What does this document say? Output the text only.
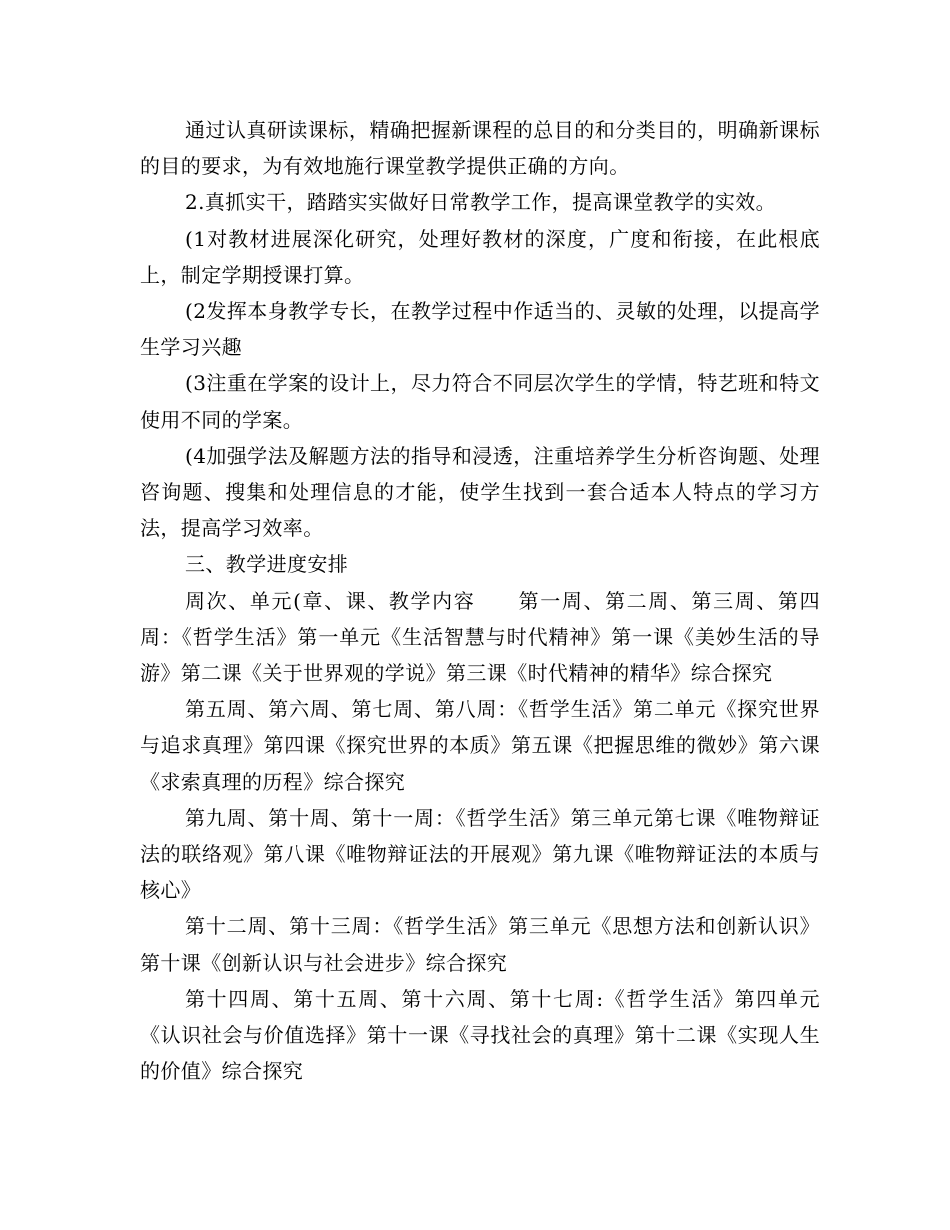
通过认真研读课标，精确把握新课程的总目的和分类目的，明确新课标的目的要求，为有效地施行课堂教学提供正确的方向。

2.真抓实干，踏踏实实做好日常教学工作，提高课堂教学的实效。

(1对教材进展深化研究，处理好教材的深度，广度和衔接，在此根底上，制定学期授课打算。

(2发挥本身教学专长，在教学过程中作适当的、灵敏的处理，以提高学生学习兴趣

(3注重在学案的设计上，尽力符合不同层次学生的学情，特艺班和特文使用不同的学案。

(4加强学法及解题方法的指导和浸透，注重培养学生分析咨询题、处理咨询题、搜集和处理信息的才能，使学生找到一套合适本人特点的学习方法，提高学习效率。

三、教学进度安排

周次、单元(章、课、教学内容　　第一周、第二周、第三周、第四周：《哲学生活》第一单元《生活智慧与时代精神》第一课《美妙生活的导游》第二课《关于世界观的学说》第三课《时代精神的精华》综合探究

第五周、第六周、第七周、第八周：《哲学生活》第二单元《探究世界与追求真理》第四课《探究世界的本质》第五课《把握思维的微妙》第六课《求索真理的历程》综合探究

第九周、第十周、第十一周：《哲学生活》第三单元第七课《唯物辩证法的联络观》第八课《唯物辩证法的开展观》第九课《唯物辩证法的本质与核心》

第十二周、第十三周：《哲学生活》第三单元《思想方法和创新认识》第十课《创新认识与社会进步》综合探究

第十四周、第十五周、第十六周、第十七周:《哲学生活》第四单元《认识社会与价值选择》第十一课《寻找社会的真理》第十二课《实现人生的价值》综合探究
